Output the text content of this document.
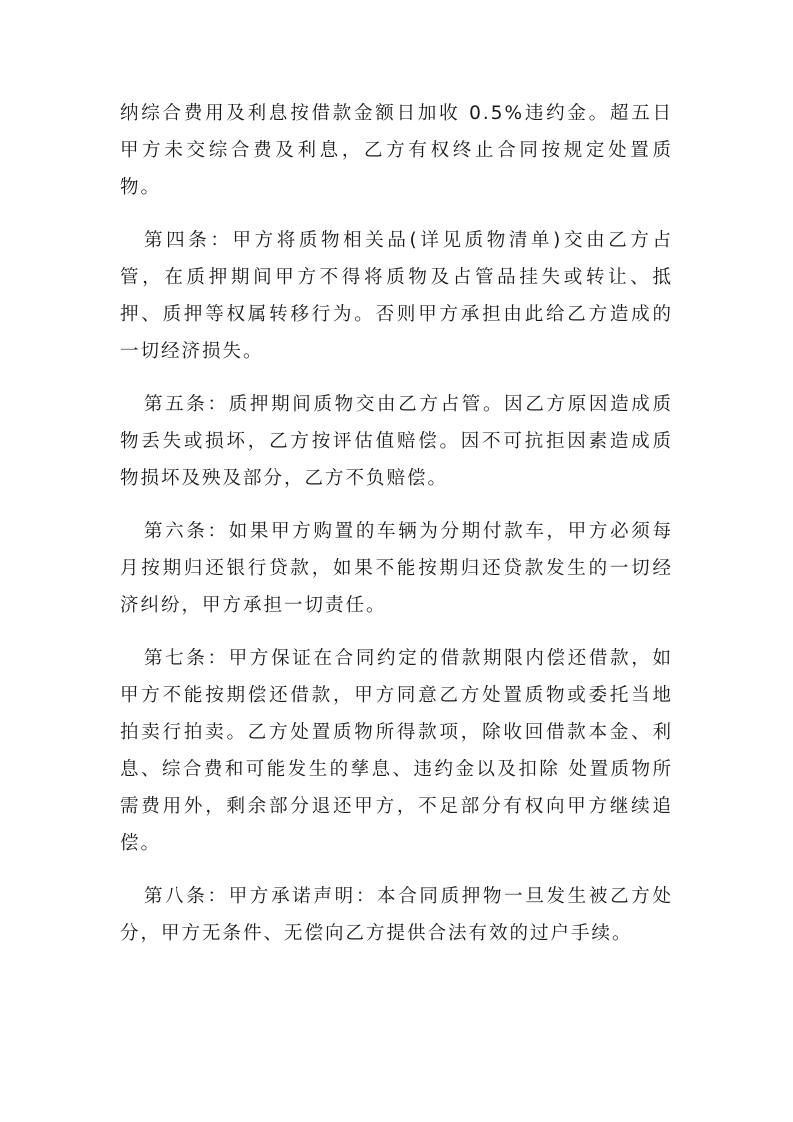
纳综合费用及利息按借款金额日加收 0.5%违约金。超五日甲方未交综合费及利息，乙方有权终止合同按规定处置质物。

第四条：甲方将质物相关品(详见质物清单)交由乙方占管，在质押期间甲方不得将质物及占管品挂失或转让、抵押、质押等权属转移行为。否则甲方承担由此给乙方造成的一切经济损失。

第五条：质押期间质物交由乙方占管。因乙方原因造成质物丢失或损坏，乙方按评估值赔偿。因不可抗拒因素造成质物损坏及殃及部分，乙方不负赔偿。

第六条：如果甲方购置的车辆为分期付款车，甲方必须每月按期归还银行贷款，如果不能按期归还贷款发生的一切经济纠纷，甲方承担一切责任。

第七条：甲方保证在合同约定的借款期限内偿还借款，如甲方不能按期偿还借款，甲方同意乙方处置质物或委托当地拍卖行拍卖。乙方处置质物所得款项，除收回借款本金、利息、综合费和可能发生的孳息、违约金以及扣除 处置质物所需费用外，剩余部分退还甲方，不足部分有权向甲方继续追偿。

第八条：甲方承诺声明：本合同质押物一旦发生被乙方处分，甲方无条件、无偿向乙方提供合法有效的过户手续。
